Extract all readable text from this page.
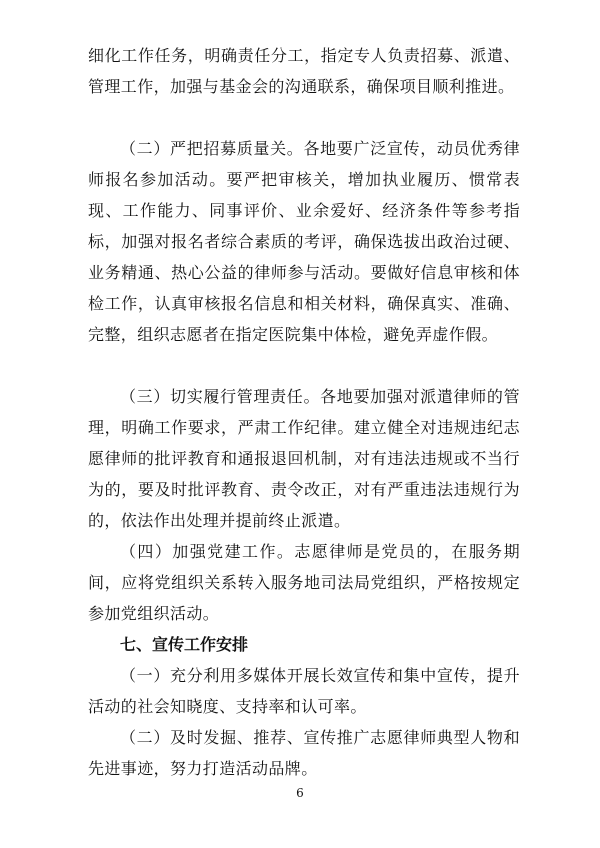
细化工作任务，明确责任分工，指定专人负责招募、派遣、管理工作，加强与基金会的沟通联系，确保项目顺利推进。

（二）严把招募质量关。各地要广泛宣传，动员优秀律师报名参加活动。要严把审核关，增加执业履历、惯常表现、工作能力、同事评价、业余爱好、经济条件等参考指标，加强对报名者综合素质的考评，确保选拔出政治过硬、业务精通、热心公益的律师参与活动。要做好信息审核和体检工作，认真审核报名信息和相关材料，确保真实、准确、完整，组织志愿者在指定医院集中体检，避免弄虚作假。

（三）切实履行管理责任。各地要加强对派遣律师的管理，明确工作要求，严肃工作纪律。建立健全对违规违纪志愿律师的批评教育和通报退回机制，对有违法违规或不当行为的，要及时批评教育、责令改正，对有严重违法违规行为的，依法作出处理并提前终止派遣。

（四）加强党建工作。志愿律师是党员的，在服务期间，应将党组织关系转入服务地司法局党组织，严格按规定参加党组织活动。

七、宣传工作安排

（一）充分利用多媒体开展长效宣传和集中宣传，提升活动的社会知晓度、支持率和认可率。

（二）及时发掘、推荐、宣传推广志愿律师典型人物和先进事迹，努力打造活动品牌。

6
